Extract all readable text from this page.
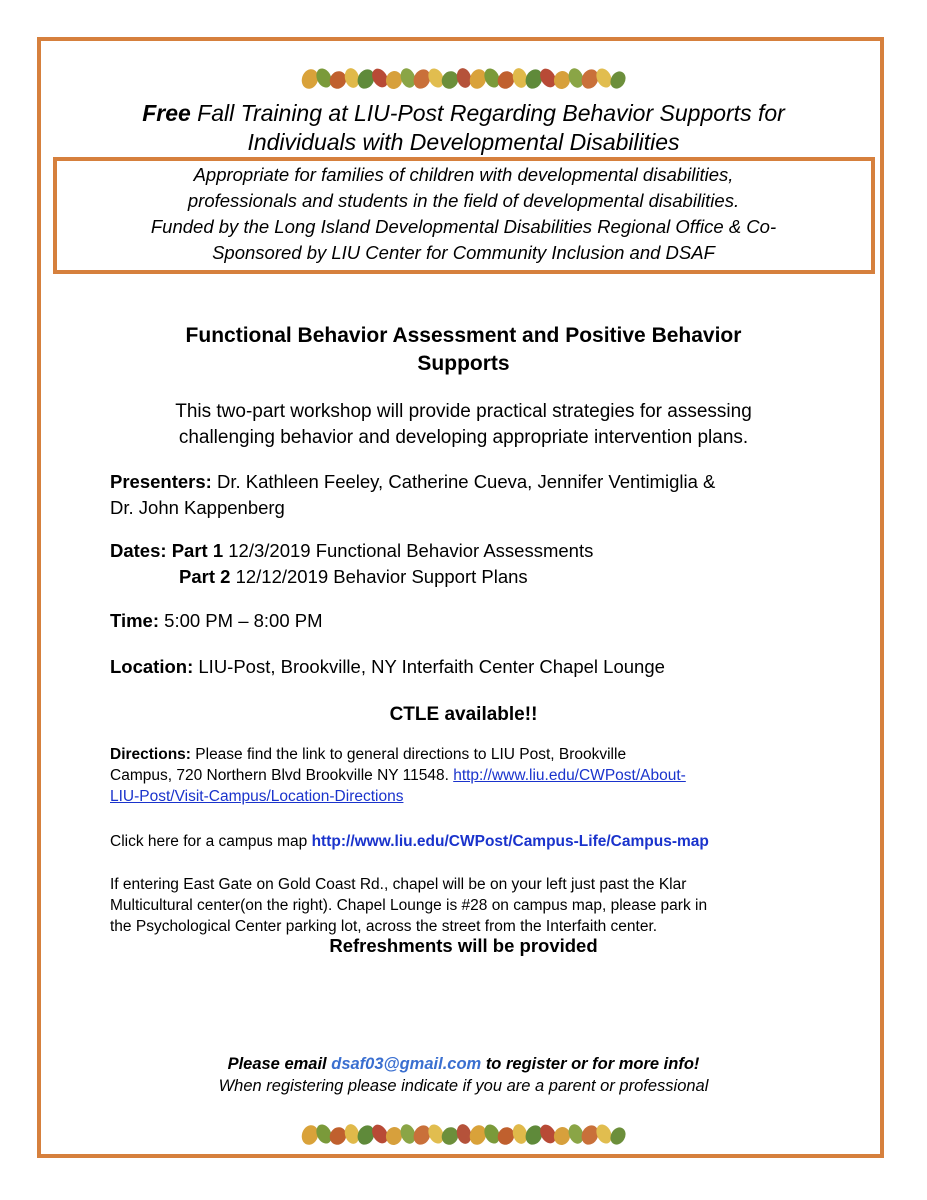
Free Fall Training at LIU-Post Regarding Behavior Supports for
Individuals with Developmental Disabilities
Appropriate for families of children with developmental disabilities,
professionals and students in the field of developmental disabilities.
Funded by the Long Island Developmental Disabilities Regional Office & Co-
Sponsored by LIU Center for Community Inclusion and DSAF
Functional Behavior Assessment and Positive Behavior
Supports
This two-part workshop will provide practical strategies for assessing
challenging behavior and developing appropriate intervention plans.
Presenters: Dr. Kathleen Feeley, Catherine Cueva, Jennifer Ventimiglia &
Dr. John Kappenberg
Dates: Part 1 12/3/2019 Functional Behavior Assessments
Part 2 12/12/2019 Behavior Support Plans
Time: 5:00 PM – 8:00 PM
Location: LIU-Post, Brookville, NY Interfaith Center Chapel Lounge
CTLE available!!
Directions: Please find the link to general directions to LIU Post, Brookville
Campus, 720 Northern Blvd Brookville NY 11548. http://www.liu.edu/CWPost/About-
LIU-Post/Visit-Campus/Location-Directions
Click here for a campus map http://www.liu.edu/CWPost/Campus-Life/Campus-map
If entering East Gate on Gold Coast Rd., chapel will be on your left just past the Klar
Multicultural center(on the right). Chapel Lounge is #28 on campus map, please park in
the Psychological Center parking lot, across the street from the Interfaith center.
Refreshments will be provided
Please email dsaf03@gmail.com to register or for more info!
When registering please indicate if you are a parent or professional
